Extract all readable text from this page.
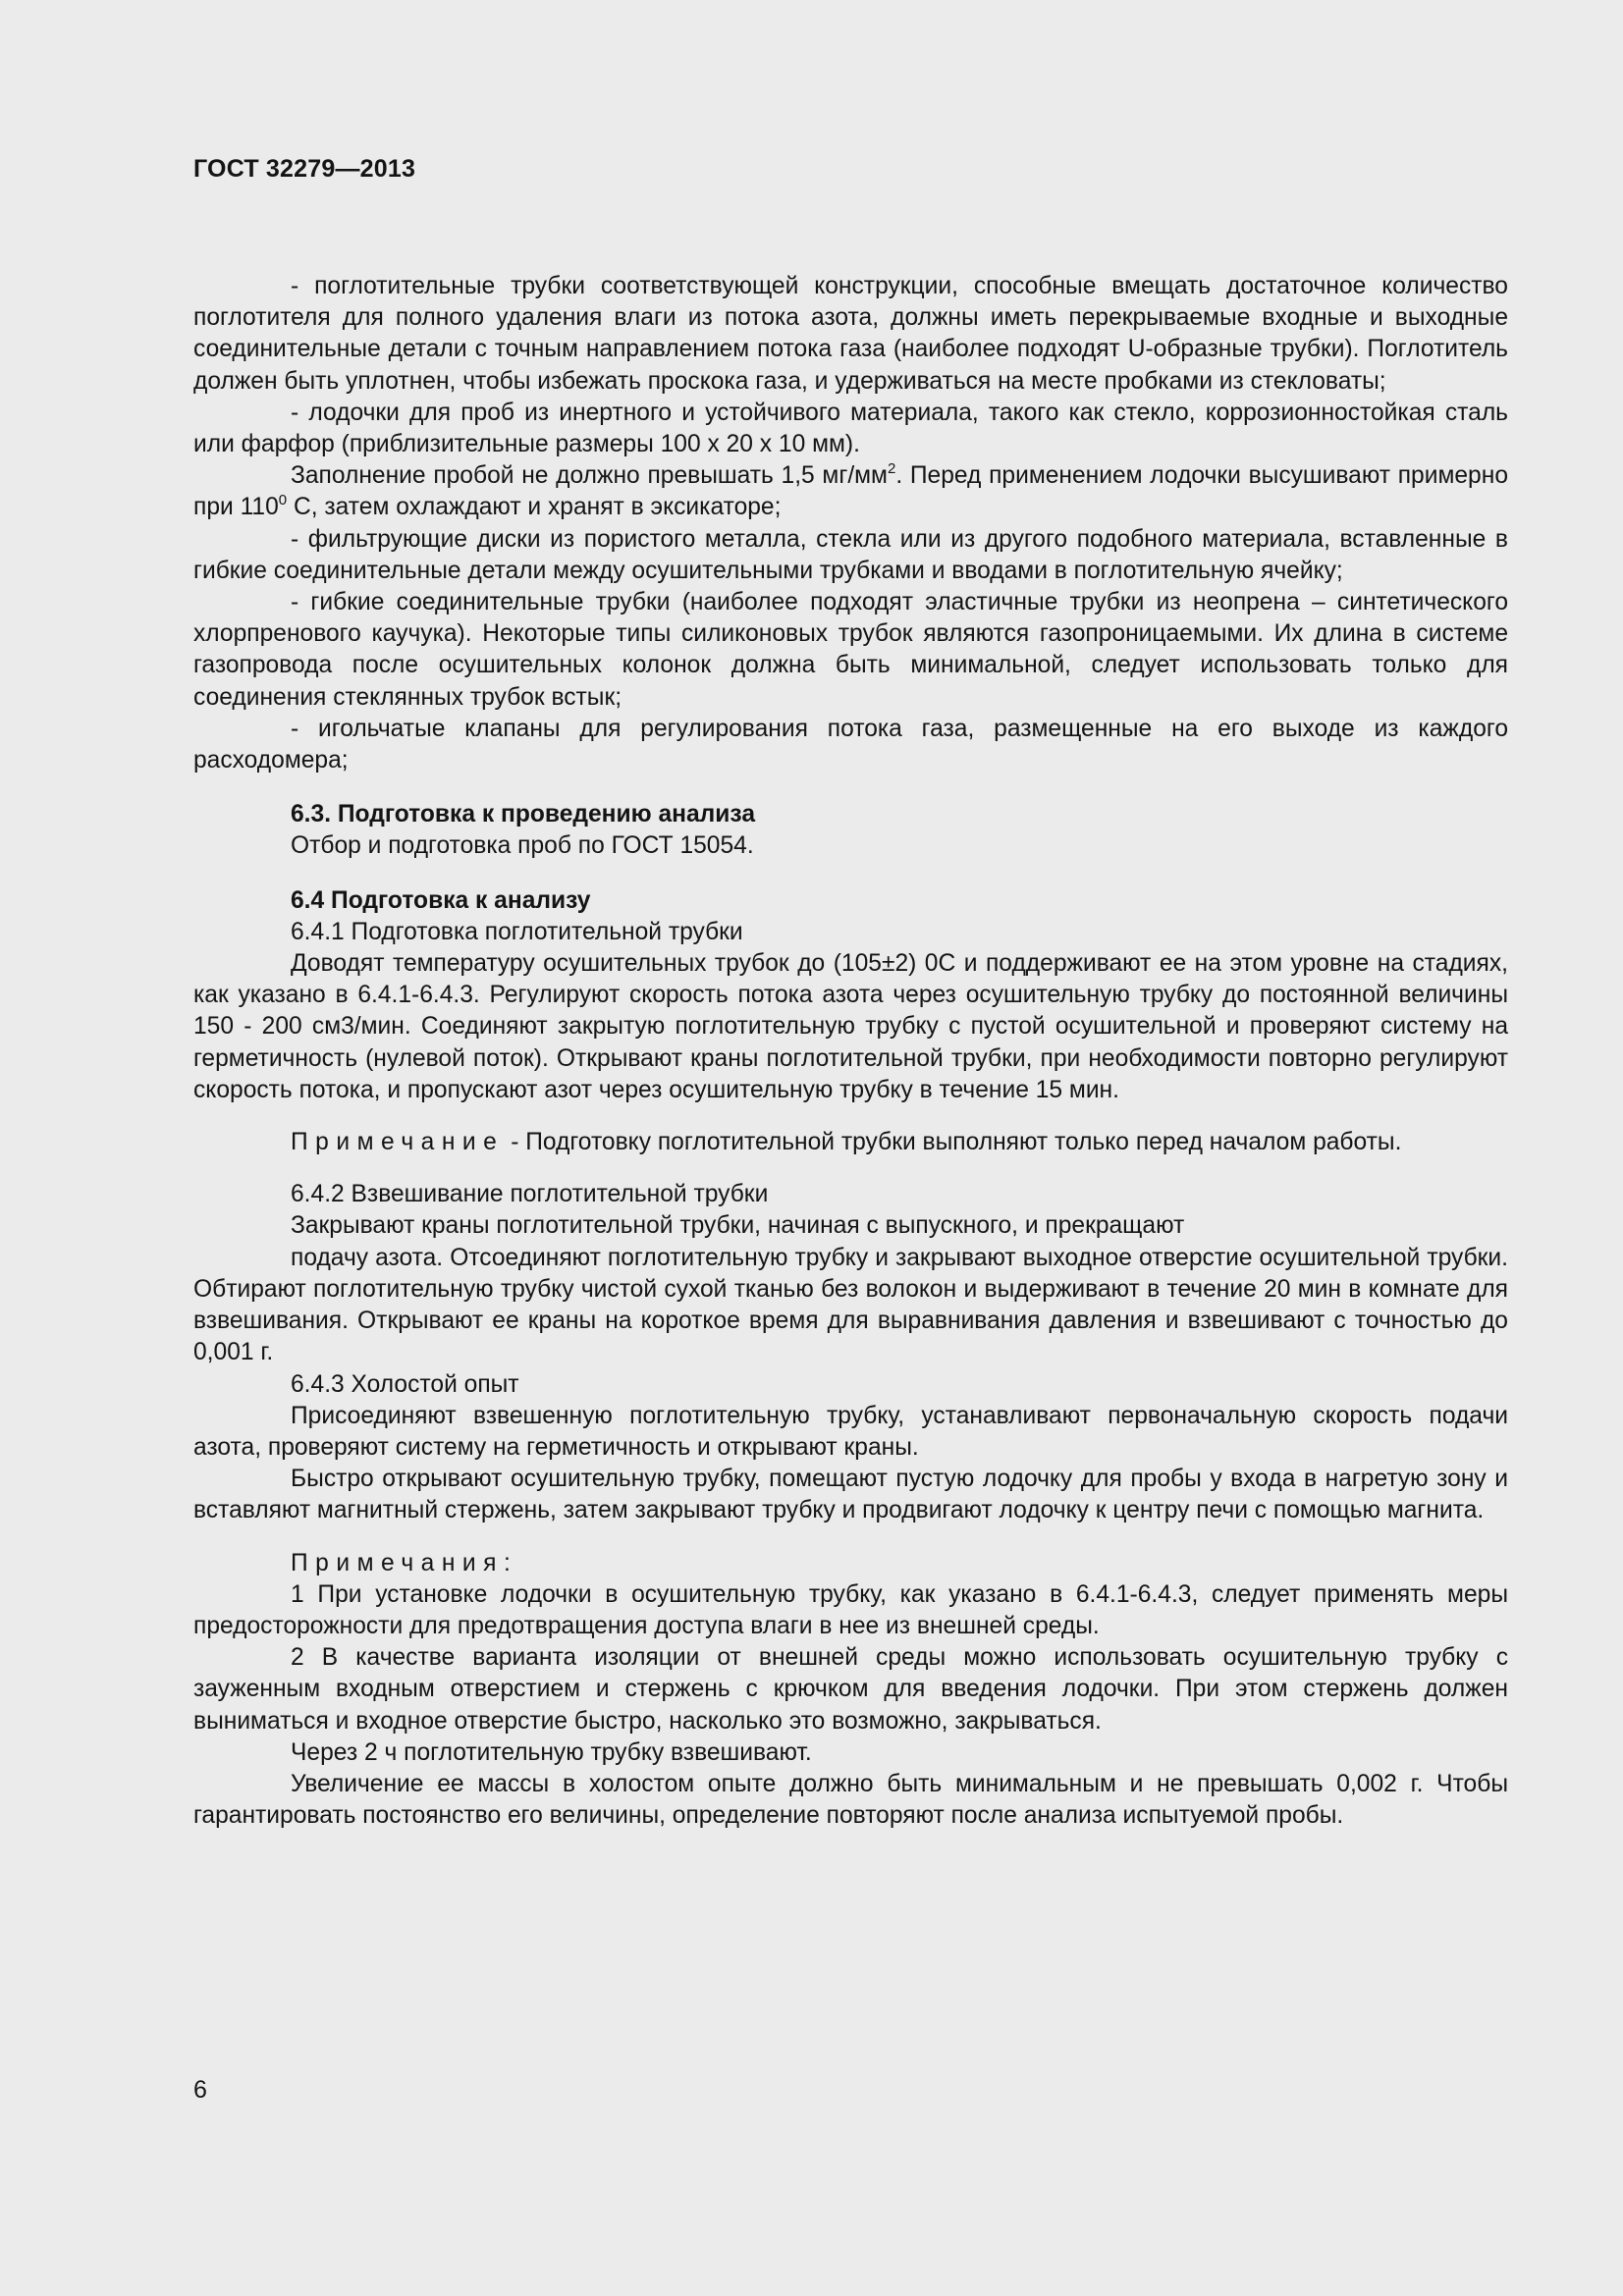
ГОСТ 32279—2013

- поглотительные трубки соответствующей конструкции, способные вмещать достаточное количество поглотителя для полного удаления влаги из потока азота, должны иметь перекрываемые входные и выходные соединительные детали с точным направлением потока газа (наиболее подходят U-образные трубки). Поглотитель должен быть уплотнен, чтобы избежать проскока газа, и удерживаться на месте пробками из стекловаты;

- лодочки для проб из инертного и устойчивого материала, такого как стекло, коррозионностойкая сталь или фарфор (приблизительные размеры 100 х 20 х 10 мм).

Заполнение пробой не должно превышать 1,5 $мг/мм^2$. Перед применением лодочки высушивают примерно при $110^0$ С, затем охлаждают и хранят в эксикаторе;

- фильтрующие диски из пористого металла, стекла или из другого подобного материала, вставленные в гибкие соединительные детали между осушительными трубками и вводами в поглотительную ячейку;

- гибкие соединительные трубки (наиболее подходят эластичные трубки из неопрена – синтетического хлорпренового каучука). Некоторые типы силиконовых трубок являются газопроницаемыми. Их длина в системе газопровода после осушительных колонок должна быть минимальной, следует использовать только для соединения стеклянных трубок встык;

- игольчатые клапаны для регулирования потока газа, размещенные на его выходе из каждого расходомера;

6.3. Подготовка к проведению анализа

Отбор и подготовка проб по ГОСТ 15054.

6.4 Подготовка к анализу

6.4.1 Подготовка поглотительной трубки

Доводят температуру осушительных трубок до (105±2) 0С и поддерживают ее на этом уровне на стадиях, как указано в 6.4.1-6.4.3. Регулируют скорость потока азота через осушительную трубку до постоянной величины 150 - 200 см3/мин. Соединяют закрытую поглотительную трубку с пустой осушительной и проверяют систему на герметичность (нулевой поток). Открывают краны поглотительной трубки, при необходимости повторно регулируют скорость потока, и пропускают азот через осушительную трубку в течение 15 мин.

Примечание - Подготовку поглотительной трубки выполняют только перед началом работы.

6.4.2 Взвешивание поглотительной трубки

Закрывают краны поглотительной трубки, начиная с выпускного, и прекращают

подачу азота. Отсоединяют поглотительную трубку и закрывают выходное отверстие осушительной трубки. Обтирают поглотительную трубку чистой сухой тканью без волокон и выдерживают в течение 20 мин в комнате для взвешивания. Открывают ее краны на короткое время для выравнивания давления и взвешивают с точностью до 0,001 г.

6.4.3 Холостой опыт

Присоединяют взвешенную поглотительную трубку, устанавливают первоначальную скорость подачи азота, проверяют систему на герметичность и открывают краны.

Быстро открывают осушительную трубку, помещают пустую лодочку для пробы у входа в нагретую зону и вставляют магнитный стержень, затем закрывают трубку и продвигают лодочку к центру печи с помощью магнита.

Примечания:

1 При установке лодочки в осушительную трубку, как указано в 6.4.1-6.4.3, следует применять меры предосторожности для предотвращения доступа влаги в нее из внешней среды.

2 В качестве варианта изоляции от внешней среды можно использовать осушительную трубку с зауженным входным отверстием и стержень с крючком для введения лодочки. При этом стержень должен выниматься и входное отверстие быстро, насколько это возможно, закрываться.

Через 2 ч поглотительную трубку взвешивают.

Увеличение ее массы в холостом опыте должно быть минимальным и не превышать 0,002 г. Чтобы гарантировать постоянство его величины, определение повторяют после анализа испытуемой пробы.

6
